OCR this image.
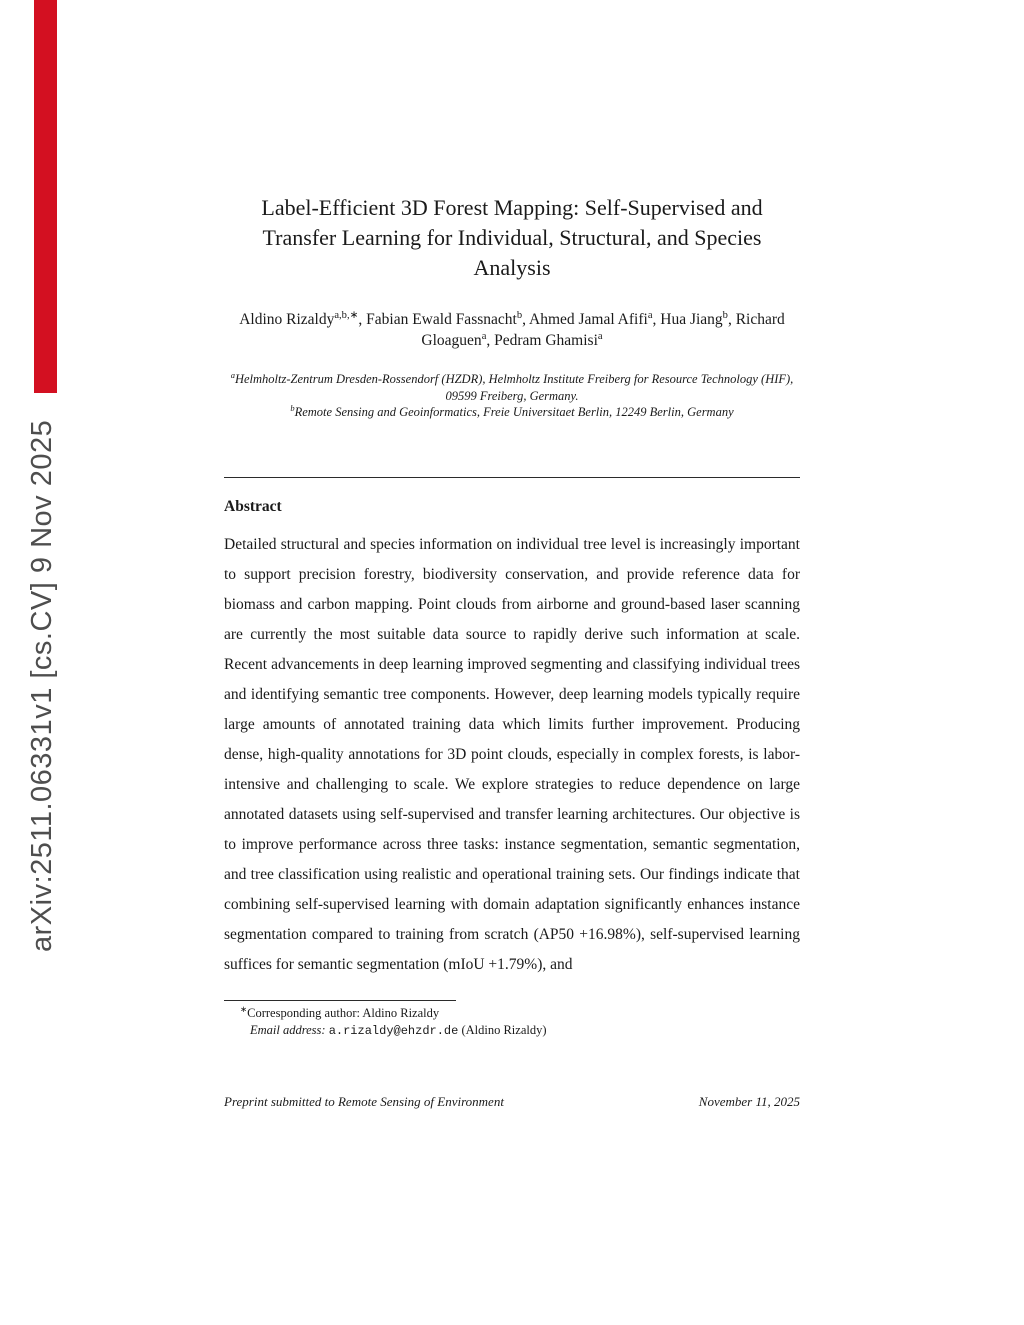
arXiv:2511.06331v1 [cs.CV] 9 Nov 2025
Label-Efficient 3D Forest Mapping: Self-Supervised and Transfer Learning for Individual, Structural, and Species Analysis
Aldino Rizaldy$^{a,b,∗}$, Fabian Ewald Fassnacht$^b$, Ahmed Jamal Afifi$^a$, Hua Jiang$^b$, Richard Gloaguen$^a$, Pedram Ghamisi$^a$
$^a$Helmholtz-Zentrum Dresden-Rossendorf (HZDR), Helmholtz Institute Freiberg for Resource Technology (HIF), 09599 Freiberg, Germany.
$^b$Remote Sensing and Geoinformatics, Freie Universitaet Berlin, 12249 Berlin, Germany
Abstract

Detailed structural and species information on individual tree level is increasingly important to support precision forestry, biodiversity conservation, and provide reference data for biomass and carbon mapping. Point clouds from airborne and ground-based laser scanning are currently the most suitable data source to rapidly derive such information at scale. Recent advancements in deep learning improved segmenting and classifying individual trees and identifying semantic tree components. However, deep learning models typically require large amounts of annotated training data which limits further improvement. Producing dense, high-quality annotations for 3D point clouds, especially in complex forests, is labor-intensive and challenging to scale. We explore strategies to reduce dependence on large annotated datasets using self-supervised and transfer learning architectures. Our objective is to improve performance across three tasks: instance segmentation, semantic segmentation, and tree classification using realistic and operational training sets. Our findings indicate that combining self-supervised learning with domain adaptation significantly enhances instance segmentation compared to training from scratch (AP50 +16.98%), self-supervised learning suffices for semantic segmentation (mIoU +1.79%), and

∗Corresponding author: Aldino Rizaldy
Email address: a.rizaldy@ehzdr.de (Aldino Rizaldy)
Preprint submitted to Remote Sensing of Environment	November 11, 2025
